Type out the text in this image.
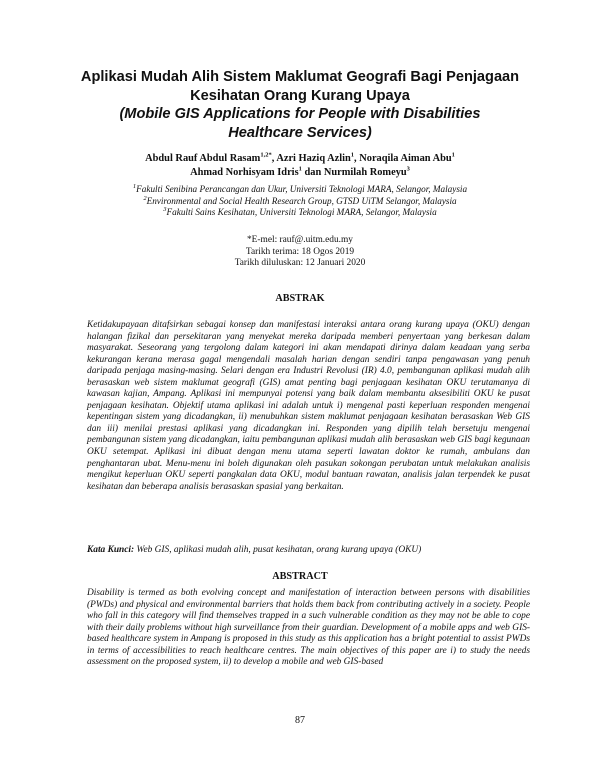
Aplikasi Mudah Alih Sistem Maklumat Geografi Bagi Penjagaan

Kesihatan Orang Kurang Upaya

(Mobile GIS Applications for People with Disabilities

Healthcare Services)

Abdul Rauf Abdul Rasam$^{1,2*}$, Azri Haziq Azlin$^1$, Noraqila Aiman Abu$^1$
Ahmad Norhisyam Idris$^1$ dan Nurmilah Romeyu$^3$
$^1$Fakulti Senibina Perancangan dan Ukur, Universiti Teknologi MARA, Selangor, Malaysia
$^2$Environmental and Social Health Research Group, GTSD UiTM Selangor, Malaysia
$^3$Fakulti Sains Kesihatan, Universiti Teknologi MARA, Selangor, Malaysia
*E-mel: rauf@.uitm.edu.my
Tarikh terima: 18 Ogos 2019
Tarikh diluluskan: 12 Januari 2020
ABSTRAK

Ketidakupayaan ditafsirkan sebagai konsep dan manifestasi interaksi antara orang kurang upaya (OKU) dengan halangan fizikal dan persekitaran yang menyekat mereka daripada memberi penyertaan yang berkesan dalam masyarakat. Seseorang yang tergolong dalam kategori ini akan mendapati dirinya dalam keadaan yang serba kekurangan kerana merasa gagal mengendali masalah harian dengan sendiri tanpa pengawasan yang penuh daripada penjaga masing-masing. Selari dengan era Industri Revolusi (IR) 4.0, pembangunan aplikasi mudah alih berasaskan web sistem maklumat geografi (GIS) amat penting bagi penjagaan kesihatan OKU terutamanya di kawasan kajian, Ampang. Aplikasi ini mempunyai potensi yang baik dalam membantu aksesibiliti OKU ke pusat penjagaan kesihatan. Objektif utama aplikasi ini adalah untuk i) mengenal pasti keperluan responden mengenai kepentingan sistem yang dicadangkan, ii) menubuhkan sistem maklumat penjagaan kesihatan berasaskan Web GIS dan iii) menilai prestasi aplikasi yang dicadangkan ini. Responden yang dipilih telah bersetuju mengenai pembangunan sistem yang dicadangkan, iaitu pembangunan aplikasi mudah alih berasaskan web GIS bagi kegunaan OKU setempat. Aplikasi ini dibuat dengan menu utama seperti lawatan doktor ke rumah, ambulans dan penghantaran ubat. Menu-menu ini boleh digunakan oleh pasukan sokongan perubatan untuk melakukan analisis mengikut keperluan OKU seperti pangkalan data OKU, modul bantuan rawatan, analisis jalan terpendek ke pusat kesihatan dan beberapa analisis berasaskan spasial yang berkaitan.

Kata Kunci: Web GIS, aplikasi mudah alih, pusat kesihatan, orang kurang upaya (OKU)
ABSTRACT

Disability is termed as both evolving concept and manifestation of interaction between persons with disabilities (PWDs) and physical and environmental barriers that holds them back from contributing actively in a society. People who fall in this category will find themselves trapped in a such vulnerable condition as they may not be able to cope with their daily problems without high surveillance from their guardian. Development of a mobile apps and web GIS-based healthcare system in Ampang is proposed in this study as this application has a bright potential to assist PWDs in terms of accessibilities to reach healthcare centres. The main objectives of this paper are i) to study the needs assessment on the proposed system, ii) to develop a mobile and web GIS-based

87
